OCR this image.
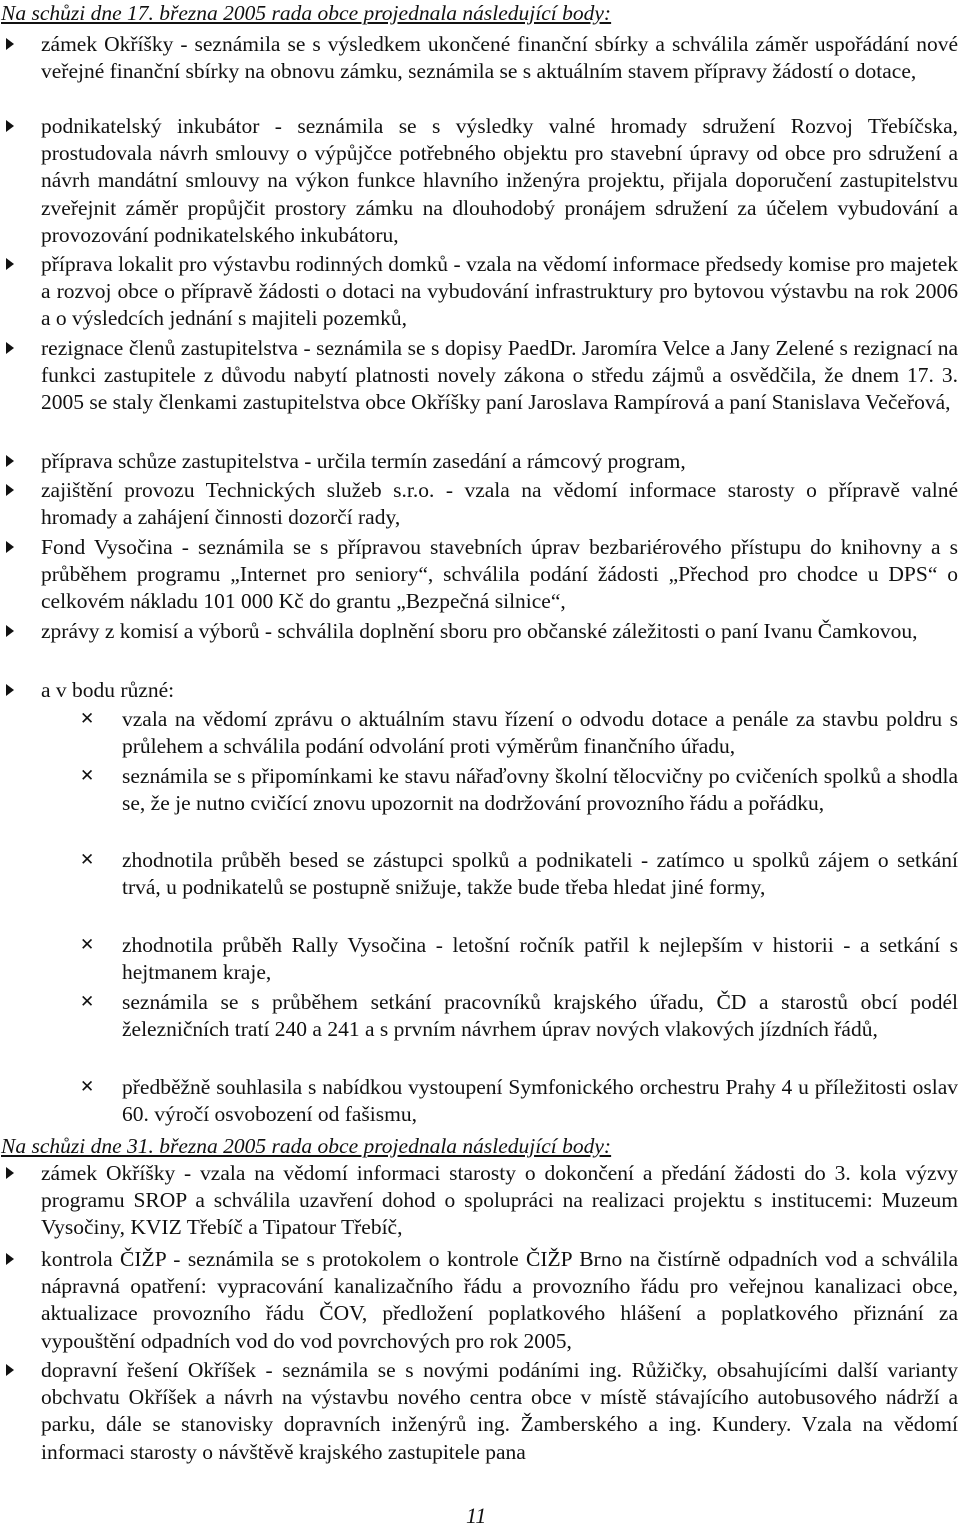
Na schůzi dne 17. března 2005 rada obce projednala následující body:
zámek Okříšky - seznámila se s výsledkem ukončené finanční sbírky a schválila záměr uspořádání nové veřejné finanční sbírky na obnovu zámku, seznámila se s aktuálním stavem přípravy žádostí o dotace,
podnikatelský inkubátor - seznámila se s výsledky valné hromady sdružení Rozvoj Třebíčska, prostudovala návrh smlouvy o výpůjčce potřebného objektu pro stavební úpravy od obce pro sdružení a návrh mandátní smlouvy na výkon funkce hlavního inženýra projektu, přijala doporučení zastupitelstvu zveřejnit záměr propůjčit prostory zámku na dlouhodobý pronájem sdružení za účelem vybudování a provozování podnikatelského inkubátoru,
příprava lokalit pro výstavbu rodinných domků - vzala na vědomí informace předsedy komise pro majetek a rozvoj obce o přípravě žádosti o dotaci na vybudování infrastruktury pro bytovou výstavbu na rok 2006 a o výsledcích jednání s majiteli pozemků,
rezignace členů zastupitelstva - seznámila se s dopisy PaedDr. Jaromíra Velce a Jany Zelené s rezignací na funkci zastupitele z důvodu nabytí platnosti novely zákona o středu zájmů a osvědčila, že dnem 17. 3. 2005 se staly členkami zastupitelstva obce Okříšky paní Jaroslava Rampírová a paní Stanislava Večeřová,
příprava schůze zastupitelstva - určila termín zasedání a rámcový program,
zajištění provozu Technických služeb s.r.o. - vzala na vědomí informace starosty o přípravě valné hromady a zahájení činnosti dozorčí rady,
Fond Vysočina - seznámila se s přípravou stavebních úprav bezbariérového přístupu do knihovny a s průběhem programu „Internet pro seniory“, schválila podání žádosti „Přechod pro chodce u DPS“ o celkovém nákladu 101 000 Kč do grantu „Bezpečná silnice“,
zprávy z komisí a výborů - schválila doplnění sboru pro občanské záležitosti o paní Ivanu Čamkovou,
a v bodu různé:
✕ vzala na vědomí zprávu o aktuálním stavu řízení o odvodu dotace a penále za stavbu poldru s průlehem a schválila podání odvolání proti výměrům finančního úřadu,
✕ seznámila se s připomínkami ke stavu nářaďovny školní tělocvičny po cvičeních spolků a shodla se, že je nutno cvičící znovu upozornit na dodržování provozního řádu a pořádku,
✕ zhodnotila průběh besed se zástupci spolků a podnikateli - zatímco u spolků zájem o setkání trvá, u podnikatelů se postupně snižuje, takže bude třeba hledat jiné formy,
✕ zhodnotila průběh Rally Vysočina - letošní ročník patřil k nejlepším v historii - a setkání s hejtmanem kraje,
✕ seznámila se s průběhem setkání pracovníků krajského úřadu, ČD a starostů obcí podél železničních tratí 240 a 241 a s prvním návrhem úprav nových vlakových jízdních řádů,
✕ předběžně souhlasila s nabídkou vystoupení Symfonického orchestru Prahy 4 u příležitosti oslav 60. výročí osvobození od fašismu,
Na schůzi dne 31. března 2005 rada obce projednala následující body:
zámek Okříšky - vzala na vědomí informaci starosty o dokončení a předání žádosti do 3. kola výzvy programu SROP a schválila uzavření dohod o spolupráci na realizaci projektu s institucemi: Muzeum Vysočiny, KVIZ Třebíč a Tipatour Třebíč,
kontrola ČIŽP - seznámila se s protokolem o kontrole ČIŽP Brno na čistírně odpadních vod a schválila nápravná opatření: vypracování kanalizačního řádu a provozního řádu pro veřejnou kanalizaci obce, aktualizace provozního řádu ČOV, předložení poplatkového hlášení a poplatkového přiznání za vypouštění odpadních vod do vod povrchových pro rok 2005,
dopravní řešení Okříšek - seznámila se s novými podáními ing. Růžičky, obsahujícími další varianty obchvatu Okříšek a návrh na výstavbu nového centra obce v místě stávajícího autobusového nádrží a parku, dále se stanovisky dopravních inženýrů ing. Žamberského a ing. Kundery. Vzala na vědomí informaci starosty o návštěvě krajského zastupitele pana
11
